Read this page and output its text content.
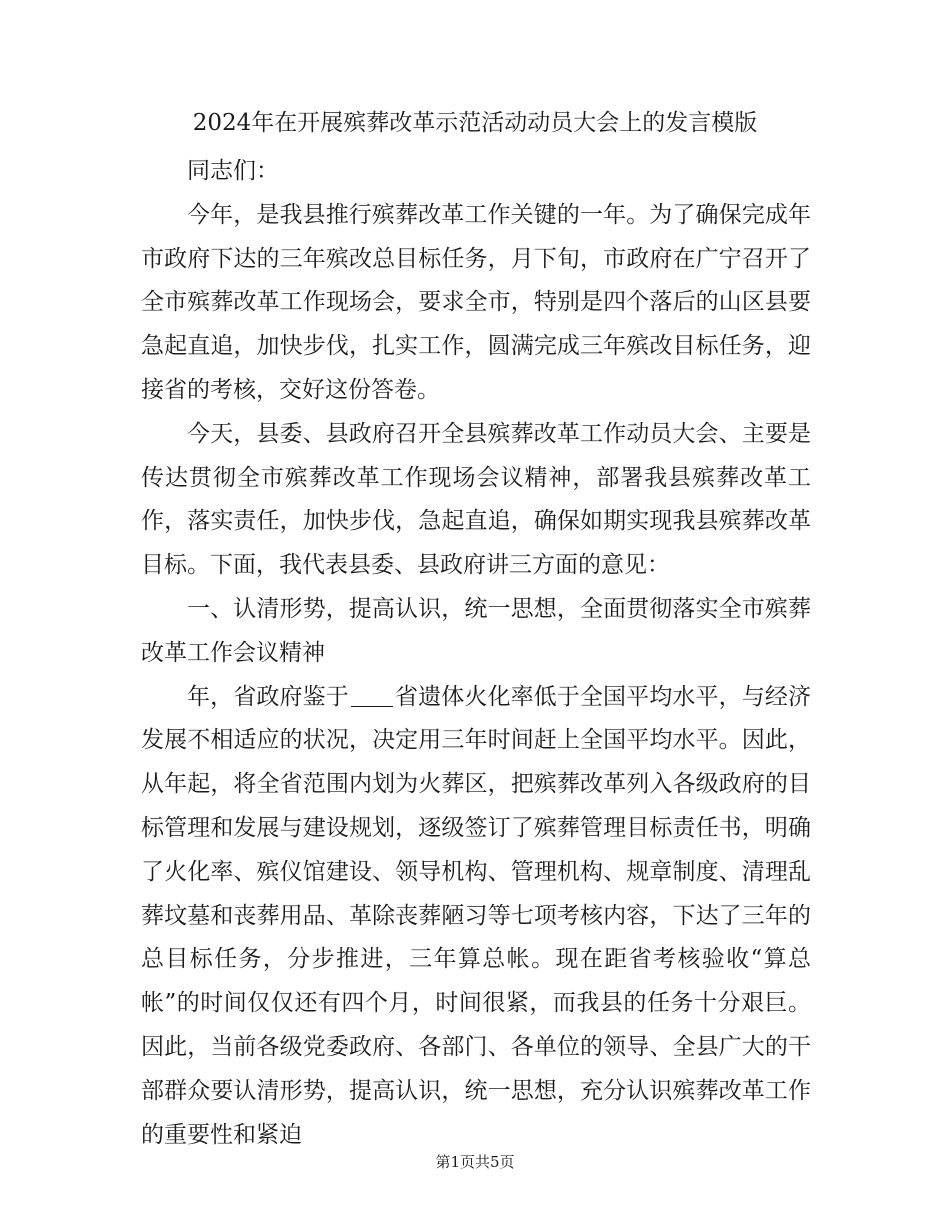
2024年在开展殡葬改革示范活动动员大会上的发言模版

同志们：

今年，是我县推行殡葬改革工作关键的一年。为了确保完成年市政府下达的三年殡改总目标任务，月下旬，市政府在广宁召开了全市殡葬改革工作现场会，要求全市，特别是四个落后的山区县要急起直追，加快步伐，扎实工作，圆满完成三年殡改目标任务，迎接省的考核，交好这份答卷。

今天，县委、县政府召开全县殡葬改革工作动员大会、主要是传达贯彻全市殡葬改革工作现场会议精神，部署我县殡葬改革工作，落实责任，加快步伐，急起直追，确保如期实现我县殡葬改革目标。下面，我代表县委、县政府讲三方面的意见：

一、认清形势，提高认识，统一思想，全面贯彻落实全市殡葬改革工作会议精神

年，省政府鉴于 省遗体火化率低于全国平均水平，与经济发展不相适应的状况，决定用三年时间赶上全国平均水平。因此，从年起，将全省范围内划为火葬区，把殡葬改革列入各级政府的目标管理和发展与建设规划，逐级签订了殡葬管理目标责任书，明确了火化率、殡仪馆建设、领导机构、管理机构、规章制度、清理乱葬坟墓和丧葬用品、革除丧葬陋习等七项考核内容，下达了三年的总目标任务，分步推进，三年算总帐。现在距省考核验收“算总帐”的时间仅仅还有四个月，时间很紧，而我县的任务十分艰巨。因此，当前各级党委政府、各部门、各单位的领导、全县广大的干部群众要认清形势，提高认识，统一思想，充分认识殡葬改革工作的重要性和紧迫

第1页共5页
